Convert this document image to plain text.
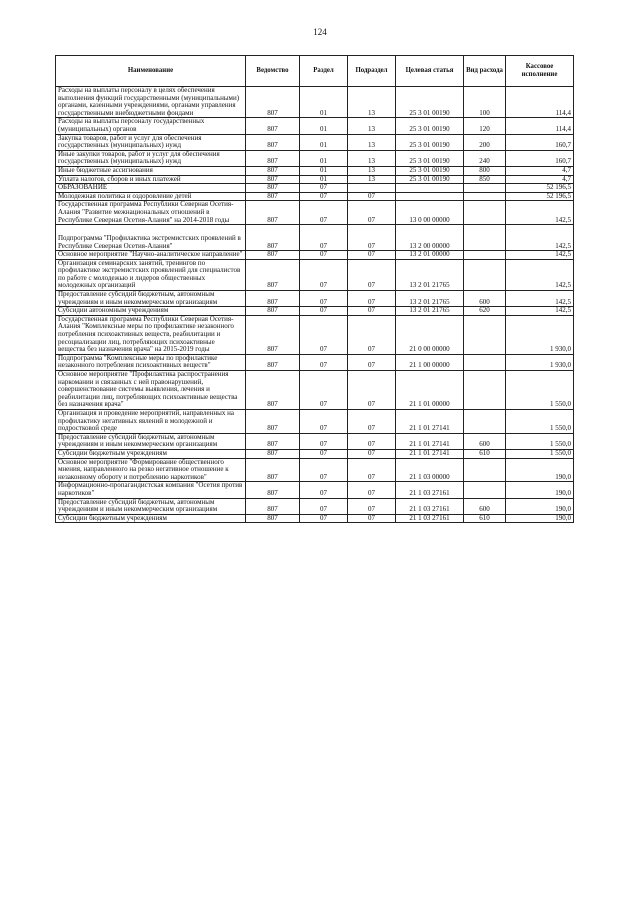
124
Наименование	Ведомство	Раздел	Подраздел	Целевая статья	Вид расхода	Кассовое исполнение
Расходы на выплаты персоналу в целях обеспечения выполнения функций государственными (муниципальными) органами, казенными учреждениями, органами управления государственными внебюджетными фондами	807	01	13	25 3 01 00190	100	114,4
Расходы на выплаты персоналу государственных (муниципальных) органов	807	01	13	25 3 01 00190	120	114,4
Закупка товаров, работ и услуг для обеспечения государственных (муниципальных) нужд	807	01	13	25 3 01 00190	200	160,7
Иные закупки товаров, работ и услуг для обеспечения государственных (муниципальных) нужд	807	01	13	25 3 01 00190	240	160,7
Иные бюджетные ассигнования	807	01	13	25 3 01 00190	800	4,7
Уплата налогов, сборов и иных платежей	807	01	13	25 3 01 00190	850	4,7
ОБРАЗОВАНИЕ	807	07				52 196,5
Молодежная политика и оздоровление детей	807	07	07			52 196,5
Государственная программа Республики Северная Осетия-Алания "Развитие межнациональных отношений в Республике Северная Осетия-Алания" на 2014-2018 годы	807	07	07	13 0 00 00000		142,5
Подпрограмма "Профилактика экстремистских проявлений в Республике Северная Осетия-Алания"	807	07	07	13 2 00 00000		142,5
Основное мероприятие "Научно-аналитическое направление"	807	07	07	13 2 01 00000		142,5
Организация семинарских занятий, тренингов по профилактике экстремистских проявлений для специалистов по работе с молодежью и лидеров общественных молодежных организаций	807	07	07	13 2 01 21765		142,5
Предоставление субсидий бюджетным, автономным учреждениям и иным некоммерческим организациям	807	07	07	13 2 01 21765	600	142,5
Субсидии автономным учреждениям	807	07	07	13 2 01 21765	620	142,5
Государственная программа Республики Северная Осетия-Алания "Комплексные меры по профилактике незаконного потребления психоактивных веществ, реабилитации и ресоциализации лиц, потребляющих психоактивные вещества без назначения врача" на 2015-2019 годы	807	07	07	21 0 00 00000		1 930,0
Подпрограмма "Комплексные меры по профилактике незаконного потребления психоактивных веществ"	807	07	07	21 1 00 00000		1 930,0
Основное мероприятие "Профилактика распространения наркомании и связанных с ней правонарушений, совершенствование системы выявления, лечения и реабилитации лиц, потребляющих психоактивные вещества без назначения врача"	807	07	07	21 1 01 00000		1 550,0
Организация и проведение мероприятий, направленных на профилактику негативных явлений в молодежной и подростковой среде	807	07	07	21 1 01 27141		1 550,0
Предоставление субсидий бюджетным, автономным учреждениям и иным некоммерческим организациям	807	07	07	21 1 01 27141	600	1 550,0
Субсидии бюджетным учреждениям	807	07	07	21 1 01 27141	610	1 550,0
Основное мероприятие "Формирование общественного мнения, направленного на резко негативное отношение к незаконному обороту и потреблению наркотиков"	807	07	07	21 1 03 00000		190,0
Информационно-пропагандистская компания "Осетия против наркотиков"	807	07	07	21 1 03 27161		190,0
Предоставление субсидий бюджетным, автономным учреждениям и иным некоммерческим организациям	807	07	07	21 1 03 27161	600	190,0
Субсидии бюджетным учреждениям	807	07	07	21 1 03 27161	610	190,0
